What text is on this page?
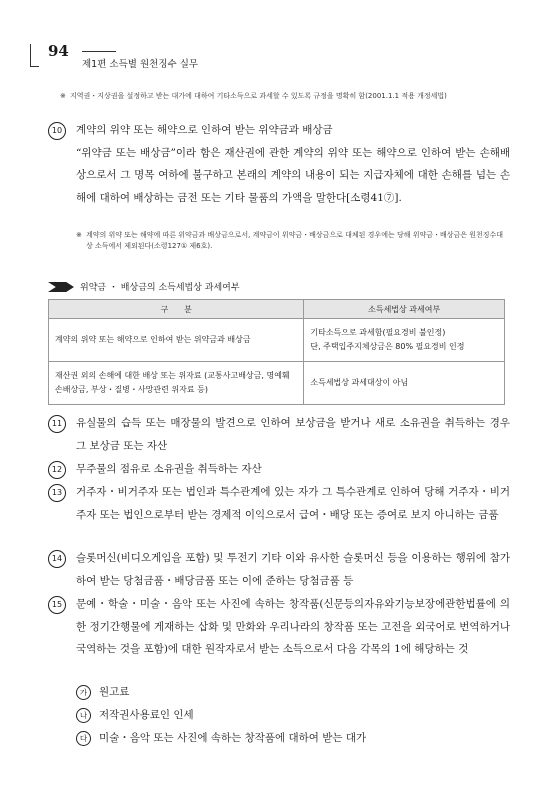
94
제1편 소득별 원천징수 실무
※ 지역권・지상권을 설정하고 받는 대가에 대하여 기타소득으로 과세할 수 있도록 규정을 명확히 함(2001.1.1 적용 개정세법)
10	계약의 위약 또는 해약으로 인하여 받는 위약금과 배상금
“위약금 또는 배상금”이라 함은 재산권에 관한 계약의 위약 또는 해약으로 인하여 받는 손해배상으로서 그 명목 여하에 불구하고 본래의 계약의 내용이 되는 지급자체에 대한 손해를 넘는 손해에 대하여 배상하는 금전 또는 기타 물품의 가액을 말한다[소령41⑦].
※ 계약의 위약 또는 해약에 따른 위약금과 배상금으로서, 계약금이 위약금・배상금으로 대체된 경우에는 당해 위약금・배상금은 원천징수대상 소득에서 제외된다(소령127① 제6호).
위약금 ・ 배상금의 소득세법상 과세여부
구　　분	소득세법상 과세여부
계약의 위약 또는 해약으로 인하여 받는 위약금과 배상금	기타소득으로 과세함(필요경비 불인정)
단, 주택입주지체상금은 80% 필요경비 인정

재산권 외의 손해에 대한 배상 또는 위자료 (교통사고배상금, 명예훼손배상금, 부상・질병・사망관련 위자료 등)	소득세법상 과세대상이 아님
11	유실물의 습득 또는 매장물의 발견으로 인하여 보상금을 받거나 새로 소유권을 취득하는 경우 그 보상금 또는 자산
12	무주물의 점유로 소유권을 취득하는 자산
13	거주자・비거주자 또는 법인과 특수관계에 있는 자가 그 특수관계로 인하여 당해 거주자・비거주자 또는 법인으로부터 받는 경제적 이익으로서 급여・배당 또는 증여로 보지 아니하는 금품
14	슬롯머신(비디오게임을 포함) 및 투전기 기타 이와 유사한 슬롯머신 등을 이용하는 행위에 참가하여 받는 당첨금품・배당금품 또는 이에 준하는 당첨금품 등
15	문예・학술・미술・음악 또는 사진에 속하는 창작품(신문등의자유와기능보장에관한법률에 의한 정기간행물에 게재하는 삽화 및 만화와 우리나라의 창작품 또는 고전을 외국어로 번역하거나 국역하는 것을 포함)에 대한 원작자로서 받는 소득으로서 다음 각목의 1에 해당하는 것
가 원고료
나 저작권사용료인 인세
다 미술・음악 또는 사진에 속하는 창작품에 대하여 받는 대가
